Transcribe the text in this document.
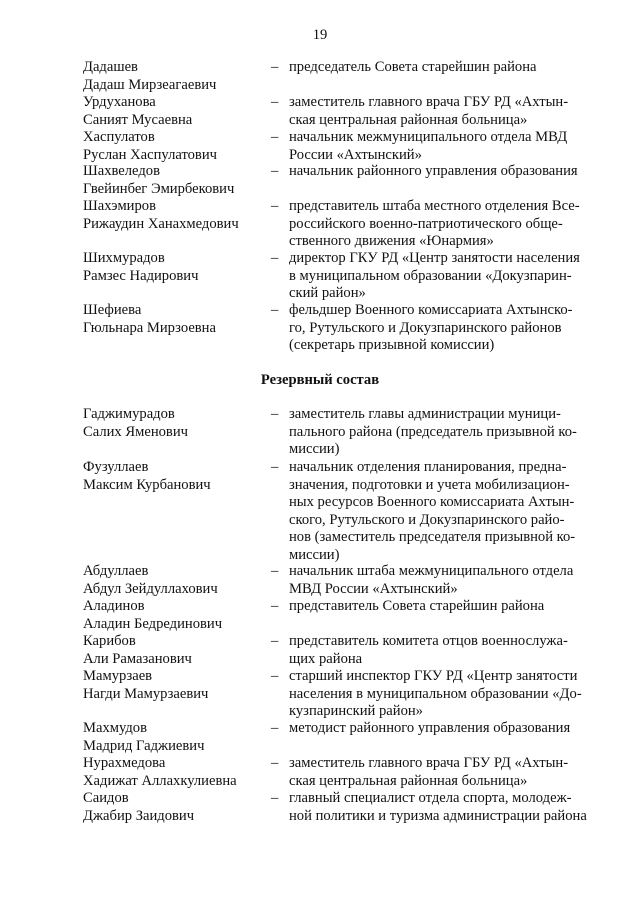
19
Дадашев
Дадаш Мирзеагаевич
– председатель Совета старейшин района
Урдуханова
Саният Мусаевна
– заместитель главного врача ГБУ РД «Ахтын-
ская центральная районная больница»
Хаспулатов
Руслан Хаспулатович
– начальник межмуниципального отдела МВД
России «Ахтынский»
Шахвеледов
Гвейинбег Эмирбекович
– начальник районного управления образования
Шахэмиров
Рижаудин Ханахмедович
– представитель штаба местного отделения Все-
российского военно-патриотического обще-
ственного движения «Юнармия»
Шихмурадов
Рамзес Надирович
– директор ГКУ РД «Центр занятости населения
в муниципальном образовании «Докузпарин-
ский район»
Шефиева
Гюльнара Мирзоевна
– фельдшер Военного комиссариата Ахтынско-
го, Рутульского и Докузпаринского районов
(секретарь призывной комиссии)
Резервный состав
Гаджимурадов
Салих Яменович
– заместитель главы администрации муници-
пального района (председатель призывной ко-
миссии)
Фузуллаев
Максим Курбанович
– начальник отделения планирования, предна-
значения, подготовки и учета мобилизацион-
ных ресурсов Военного комиссариата Ахтын-
ского, Рутульского и Докузпаринского райо-
нов (заместитель председателя призывной ко-
миссии)
Абдуллаев
Абдул Зейдуллахович
– начальник штаба межмуниципального отдела
МВД России «Ахтынский»
Аладинов
Аладин Бедрединович
– представитель Совета старейшин района
Карибов
Али Рамазанович
– представитель комитета отцов военнослужа-
щих района
Мамурзаев
Нагди Мамурзаевич
– старший инспектор ГКУ РД «Центр занятости
населения в муниципальном образовании «До-
кузпаринский район»
Махмудов
Мадрид Гаджиевич
– методист районного управления образования
Нурахмедова
Хадижат Аллахкулиевна
– заместитель главного врача ГБУ РД «Ахтын-
ская центральная районная больница»
Саидов
Джабир Заидович
– главный специалист отдела спорта, молодеж-
ной политики и туризма администрации района
